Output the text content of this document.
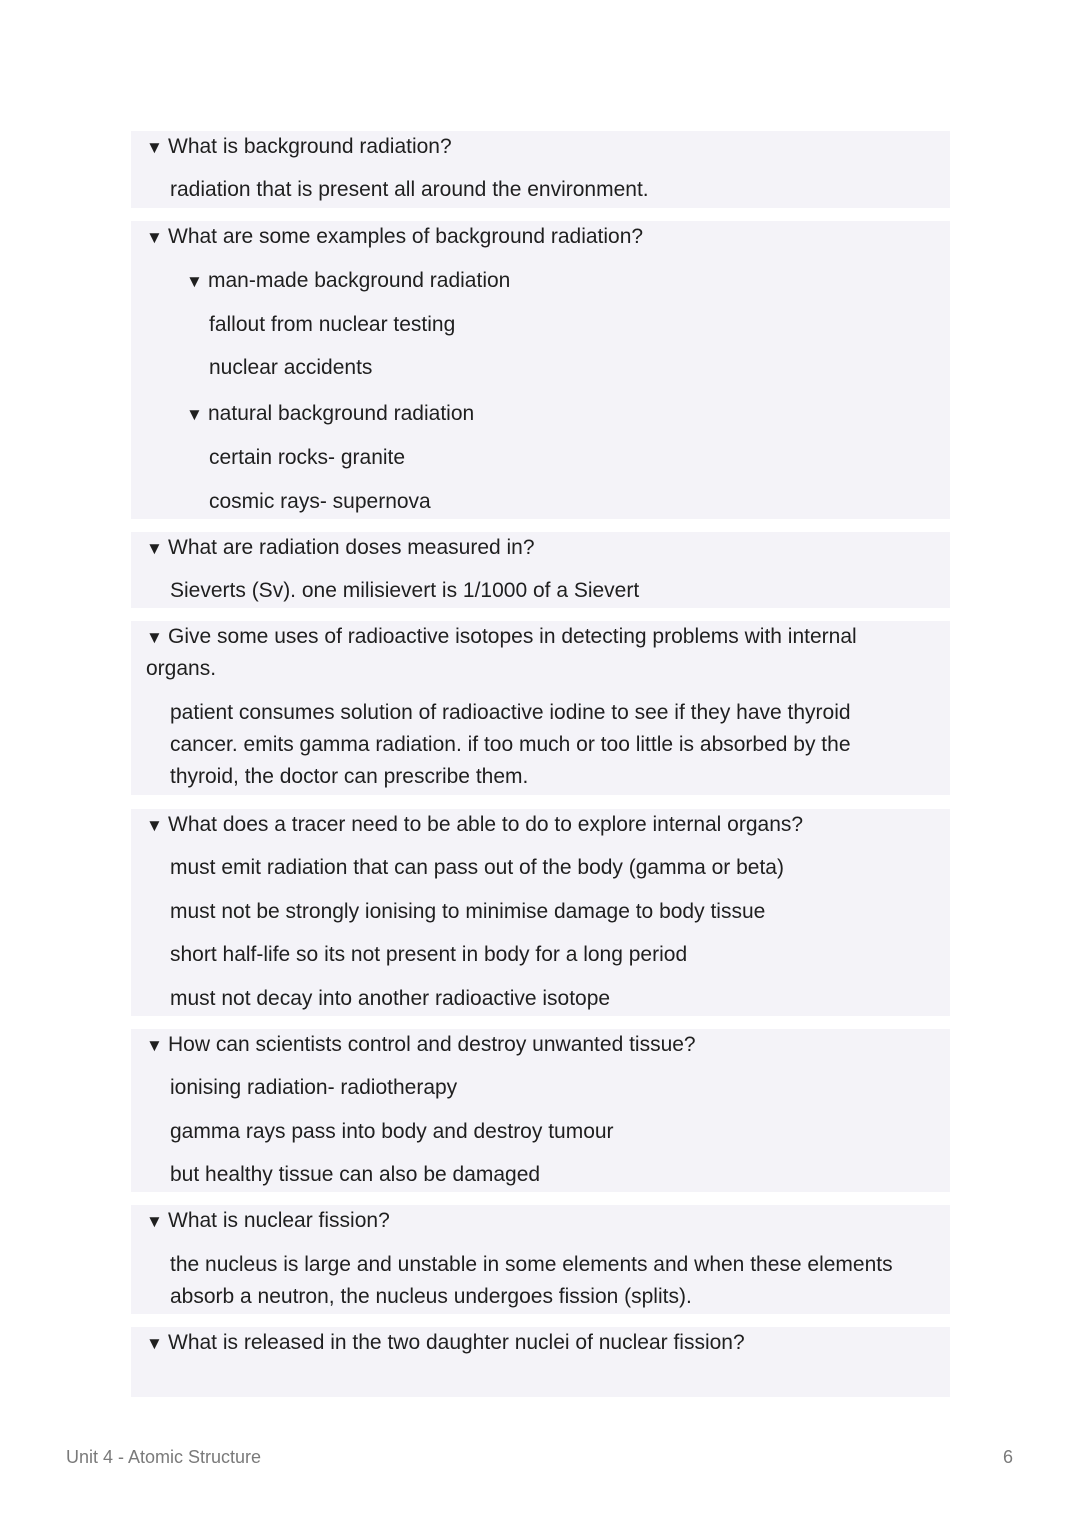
▼ What is background radiation?
radiation that is present all around the environment.
▼ What are some examples of background radiation?
▼ man-made background radiation
fallout from nuclear testing
nuclear accidents
▼ natural background radiation
certain rocks- granite
cosmic rays- supernova
▼ What are radiation doses measured in?
Sieverts (Sv). one milisievert is 1/1000 of a Sievert
▼ Give some uses of radioactive isotopes in detecting problems with internal
organs.
patient consumes solution of radioactive iodine to see if they have thyroid
cancer. emits gamma radiation. if too much or too little is absorbed by the
thyroid, the doctor can prescribe them.
▼ What does a tracer need to be able to do to explore internal organs?
must emit radiation that can pass out of the body (gamma or beta)
must not be strongly ionising to minimise damage to body tissue
short half-life so its not present in body for a long period
must not decay into another radioactive isotope
▼ How can scientists control and destroy unwanted tissue?
ionising radiation- radiotherapy
gamma rays pass into body and destroy tumour
but healthy tissue can also be damaged
▼ What is nuclear fission?
the nucleus is large and unstable in some elements and when these elements
absorb a neutron, the nucleus undergoes fission (splits).
▼ What is released in the two daughter nuclei of nuclear fission?
Unit 4 - Atomic Structure	6
